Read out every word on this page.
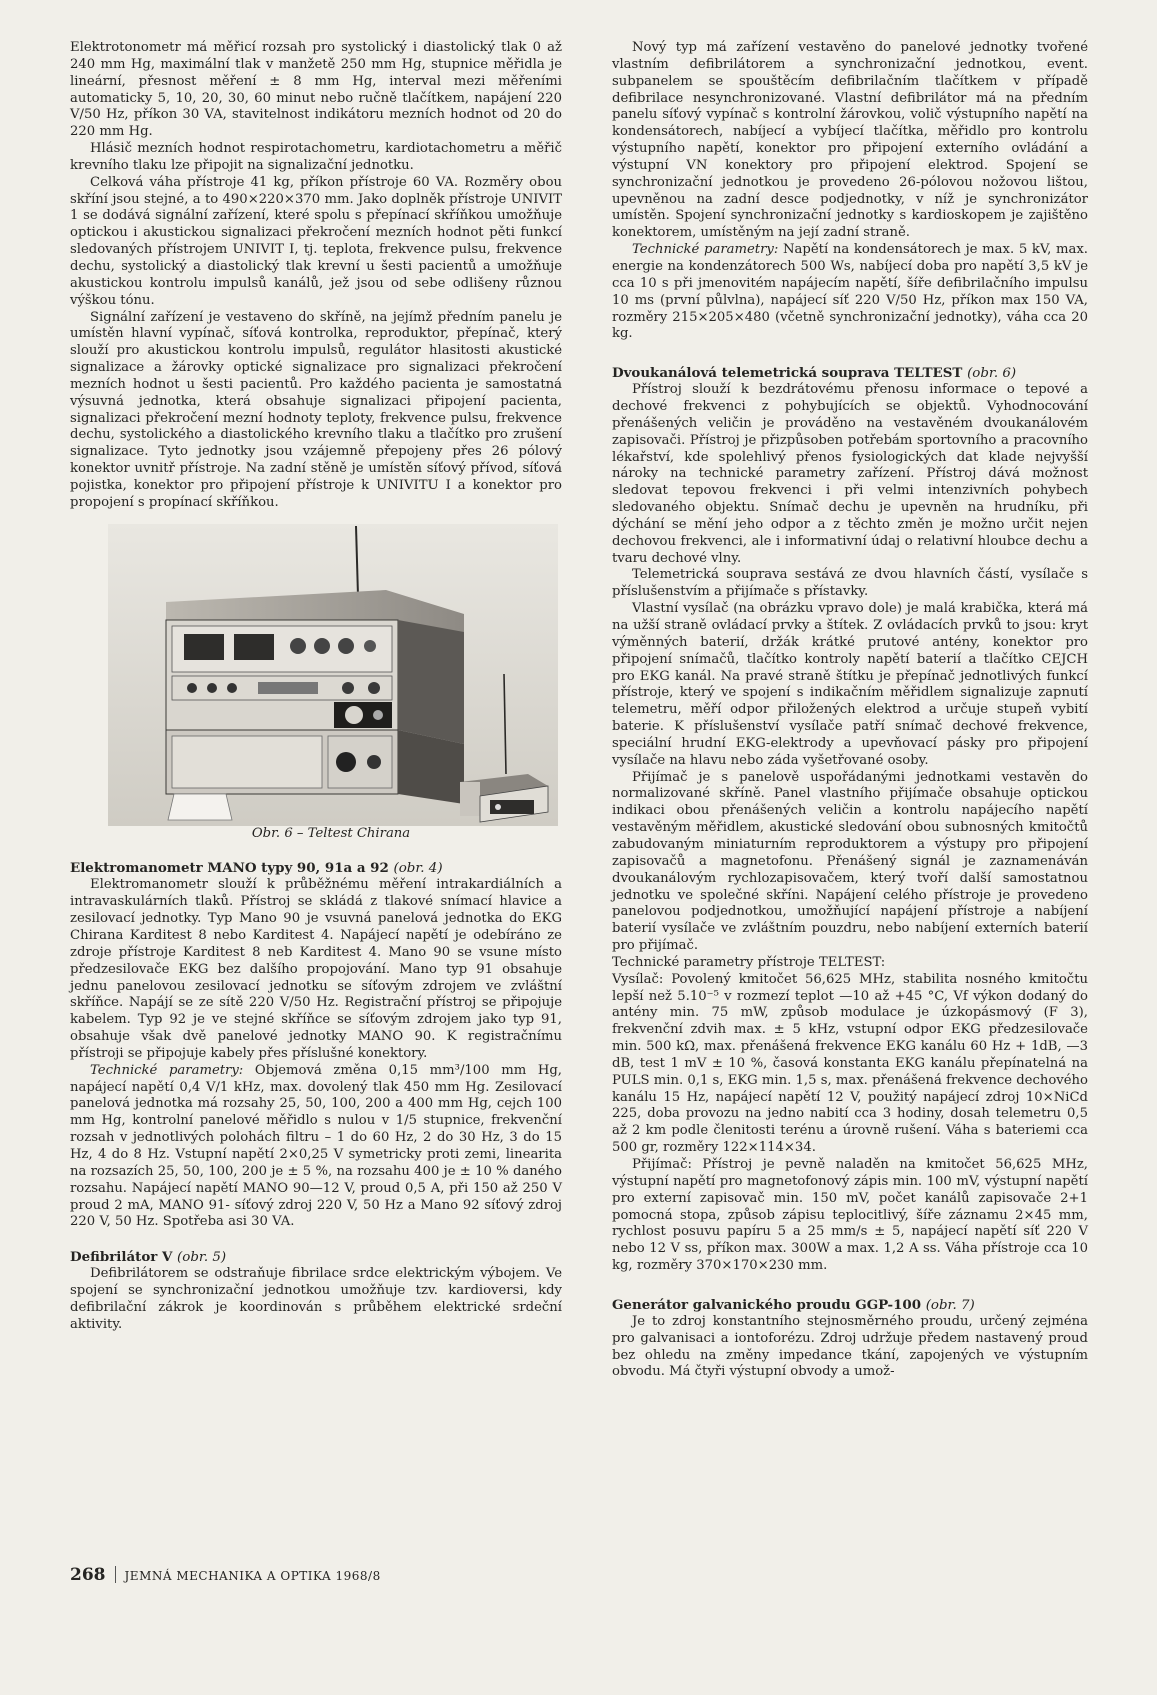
Elektrotonometr má měřicí rozsah pro systolický i diastolický tlak 0 až 240 mm Hg, maximální tlak v manžetě 250 mm Hg, stupnice měřidla je lineární, přesnost měření ± 8 mm Hg, interval mezi měřeními automaticky 5, 10, 20, 30, 60 minut nebo ručně tlačítkem, napájení 220 V/50 Hz, příkon 30 VA, stavitelnost indikátoru mezních hodnot od 20 do 220 mm Hg.

Hlásič mezních hodnot respirotachometru, kardiotachometru a měřič krevního tlaku lze připojit na signalizační jednotku.

Celková váha přístroje 41 kg, příkon přístroje 60 VA. Rozměry obou skříní jsou stejné, a to 490×220×370 mm. Jako doplněk přístroje UNIVIT 1 se dodává signální zařízení, které spolu s přepínací skříňkou umožňuje optickou i akustickou signalizaci překročení mezních hodnot pěti funkcí sledovaných přístrojem UNIVIT I, tj. teplota, frekvence pulsu, frekvence dechu, systolický a diastolický tlak krevní u šesti pacientů a umožňuje akustickou kontrolu impulsů kanálů, jež jsou od sebe odlišeny různou výškou tónu.

Signální zařízení je vestaveno do skříně, na jejímž předním panelu je umístěn hlavní vypínač, síťová kontrolka, reproduktor, přepínač, který slouží pro akustickou kontrolu impulsů, regulátor hlasitosti akustické signalizace a žárovky optické signalizace pro signalizaci překročení mezních hodnot u šesti pacientů. Pro každého pacienta je samostatná výsuvná jednotka, která obsahuje signalizaci připojení pacienta, signalizaci překročení mezní hodnoty teploty, frekvence pulsu, frekvence dechu, systolického a diastolického krevního tlaku a tlačítko pro zrušení signalizace. Tyto jednotky jsou vzájemně přepojeny přes 26 pólový konektor uvnitř přístroje. Na zadní stěně je umístěn síťový přívod, síťová pojistka, konektor pro připojení přístroje k UNIVITU I a konektor pro propojení s propínací skříňkou.

Obr. 6 – Teltest Chirana

Elektromanometr MANO typy 90, 91a a 92 (obr. 4)

Elektromanometr slouží k průběžnému měření intrakardiálních a intravaskulárních tlaků. Přístroj se skládá z tlakové snímací hlavice a zesilovací jednotky. Typ Mano 90 je vsuvná panelová jednotka do EKG Chirana Karditest 8 nebo Karditest 4. Napájecí napětí je odebíráno ze zdroje přístroje Karditest 8 neb Karditest 4. Mano 90 se vsune místo předzesilovače EKG bez dalšího propojování. Mano typ 91 obsahuje jednu panelovou zesilovací jednotku se síťovým zdrojem ve zvláštní skříňce. Napájí se ze sítě 220 V/50 Hz. Registrační přístroj se připojuje kabelem. Typ 92 je ve stejné skříňce se síťovým zdrojem jako typ 91, obsahuje však dvě panelové jednotky MANO 90. K registračnímu přístroji se připojuje kabely přes příslušné konektory.

Technické parametry: Objemová změna 0,15 mm³/100 mm Hg, napájecí napětí 0,4 V/1 kHz, max. dovolený tlak 450 mm Hg. Zesilovací panelová jednotka má rozsahy 25, 50, 100, 200 a 400 mm Hg, cejch 100 mm Hg, kontrolní panelové měřidlo s nulou v 1/5 stupnice, frekvenční rozsah v jednotlivých polohách filtru – 1 do 60 Hz, 2 do 30 Hz, 3 do 15 Hz, 4 do 8 Hz. Vstupní napětí 2×0,25 V symetricky proti zemi, linearita na rozsazích 25, 50, 100, 200 je ± 5 %, na rozsahu 400 je ± 10 % daného rozsahu. Napájecí napětí MANO 90—12 V, proud 0,5 A, při 150 až 250 V proud 2 mA, MANO 91- síťový zdroj 220 V, 50 Hz a Mano 92 síťový zdroj 220 V, 50 Hz. Spotřeba asi 30 VA.

Defibrilátor V (obr. 5)

Defibrilátorem se odstraňuje fibrilace srdce elektrickým výbojem. Ve spojení se synchronizační jednotkou umožňuje tzv. kardioversi, kdy defibrilační zákrok je koordinován s průběhem elektrické srdeční aktivity.

Nový typ má zařízení vestavěno do panelové jednotky tvořené vlastním defibrilátorem a synchronizační jednotkou, event. subpanelem se spouštěcím defibrilačním tlačítkem v případě defibrilace nesynchronizované. Vlastní defibrilátor má na předním panelu síťový vypínač s kontrolní žárovkou, volič výstupního napětí na kondensátorech, nabíjecí a vybíjecí tlačítka, měřidlo pro kontrolu výstupního napětí, konektor pro připojení externího ovládání a výstupní VN konektory pro připojení elektrod. Spojení se synchronizační jednotkou je provedeno 26-pólovou nožovou lištou, upevněnou na zadní desce podjednotky, v níž je synchronizátor umístěn. Spojení synchronizační jednotky s kardioskopem je zajištěno konektorem, umístěným na její zadní straně.

Technické parametry: Napětí na kondensátorech je max. 5 kV, max. energie na kondenzátorech 500 Ws, nabíjecí doba pro napětí 3,5 kV je cca 10 s při jmenovitém napájecím napětí, šíře defibrilačního impulsu 10 ms (první půlvlna), napájecí síť 220 V/50 Hz, příkon max 150 VA, rozměry 215×205×480 (včetně synchronizační jednotky), váha cca 20 kg.

Dvoukanálová telemetrická souprava TELTEST (obr. 6)

Přístroj slouží k bezdrátovému přenosu informace o tepové a dechové frekvenci z pohybujících se objektů. Vyhodnocování přenášených veličin je prováděno na vestavěném dvoukanálovém zapisovači. Přístroj je přizpůsoben potřebám sportovního a pracovního lékařství, kde spolehlivý přenos fysiologických dat klade nejvyšší nároky na technické parametry zařízení. Přístroj dává možnost sledovat tepovou frekvenci i při velmi intenzivních pohybech sledovaného objektu. Snímač dechu je upevněn na hrudníku, při dýchání se mění jeho odpor a z těchto změn je možno určit nejen dechovou frekvenci, ale i informativní údaj o relativní hloubce dechu a tvaru dechové vlny.

Telemetrická souprava sestává ze dvou hlavních částí, vysílače s příslušenstvím a přijímače s přístavky.

Vlastní vysílač (na obrázku vpravo dole) je malá krabička, která má na užší straně ovládací prvky a štítek. Z ovládacích prvků to jsou: kryt výměnných baterií, držák krátké prutové antény, konektor pro připojení snímačů, tlačítko kontroly napětí baterií a tlačítko CEJCH pro EKG kanál. Na pravé straně štítku je přepínač jednotlivých funkcí přístroje, který ve spojení s indikačním měřidlem signalizuje zapnutí telemetru, měří odpor přiložených elektrod a určuje stupeň vybití baterie. K příslušenství vysílače patří snímač dechové frekvence, speciální hrudní EKG-elektrody a upevňovací pásky pro připojení vysílače na hlavu nebo záda vyšetřované osoby.

Přijímač je s panelově uspořádanými jednotkami vestavěn do normalizované skříně. Panel vlastního přijímače obsahuje optickou indikaci obou přenášených veličin a kontrolu napájecího napětí vestavěným měřidlem, akustické sledování obou subnosných kmitočtů zabudovaným miniaturním reproduktorem a výstupy pro připojení zapisovačů a magnetofonu. Přenášený signál je zaznamenáván dvoukanálovým rychlozapisovačem, který tvoří další samostatnou jednotku ve společné skříni. Napájení celého přístroje je provedeno panelovou podjednotkou, umožňující napájení přístroje a nabíjení baterií vysílače ve zvláštním pouzdru, nebo nabíjení externích baterií pro přijímač.

Technické parametry přístroje TELTEST:

Vysílač: Povolený kmitočet 56,625 MHz, stabilita nosného kmitočtu lepší než 5.10⁻⁵ v rozmezí teplot —10 až +45 °C, Vf výkon dodaný do antény min. 75 mW, způsob modulace je úzkopásmový (F 3), frekvenční zdvih max. ± 5 kHz, vstupní odpor EKG předzesilovače min. 500 kΩ, max. přenášená frekvence EKG kanálu 60 Hz + 1dB, —3 dB, test 1 mV ± 10 %, časová konstanta EKG kanálu přepínatelná na PULS min. 0,1 s, EKG min. 1,5 s, max. přenášená frekvence dechového kanálu 15 Hz, napájecí napětí 12 V, použitý napájecí zdroj 10×NiCd 225, doba provozu na jedno nabití cca 3 hodiny, dosah telemetru 0,5 až 2 km podle členitosti terénu a úrovně rušení. Váha s bateriemi cca 500 gr, rozměry 122×114×34.

Přijímač: Přístroj je pevně naladěn na kmitočet 56,625 MHz, výstupní napětí pro magnetofonový zápis min. 100 mV, výstupní napětí pro externí zapisovač min. 150 mV, počet kanálů zapisovače 2+1 pomocná stopa, způsob zápisu teplocitlivý, šíře záznamu 2×45 mm, rychlost posuvu papíru 5 a 25 mm/s ± 5, napájecí napětí síť 220 V nebo 12 V ss, příkon max. 300W a max. 1,2 A ss. Váha přístroje cca 10 kg, rozměry 370×170×230 mm.

Generátor galvanického proudu GGP-100 (obr. 7)

Je to zdroj konstantního stejnosměrného proudu, určený zejména pro galvanisaci a iontoforézu. Zdroj udržuje předem nastavený proud bez ohledu na změny impedance tkání, zapojených ve výstupním obvodu. Má čtyři výstupní obvody a umož-

268 JEMNÁ MECHANIKA A OPTIKA 1968/8
